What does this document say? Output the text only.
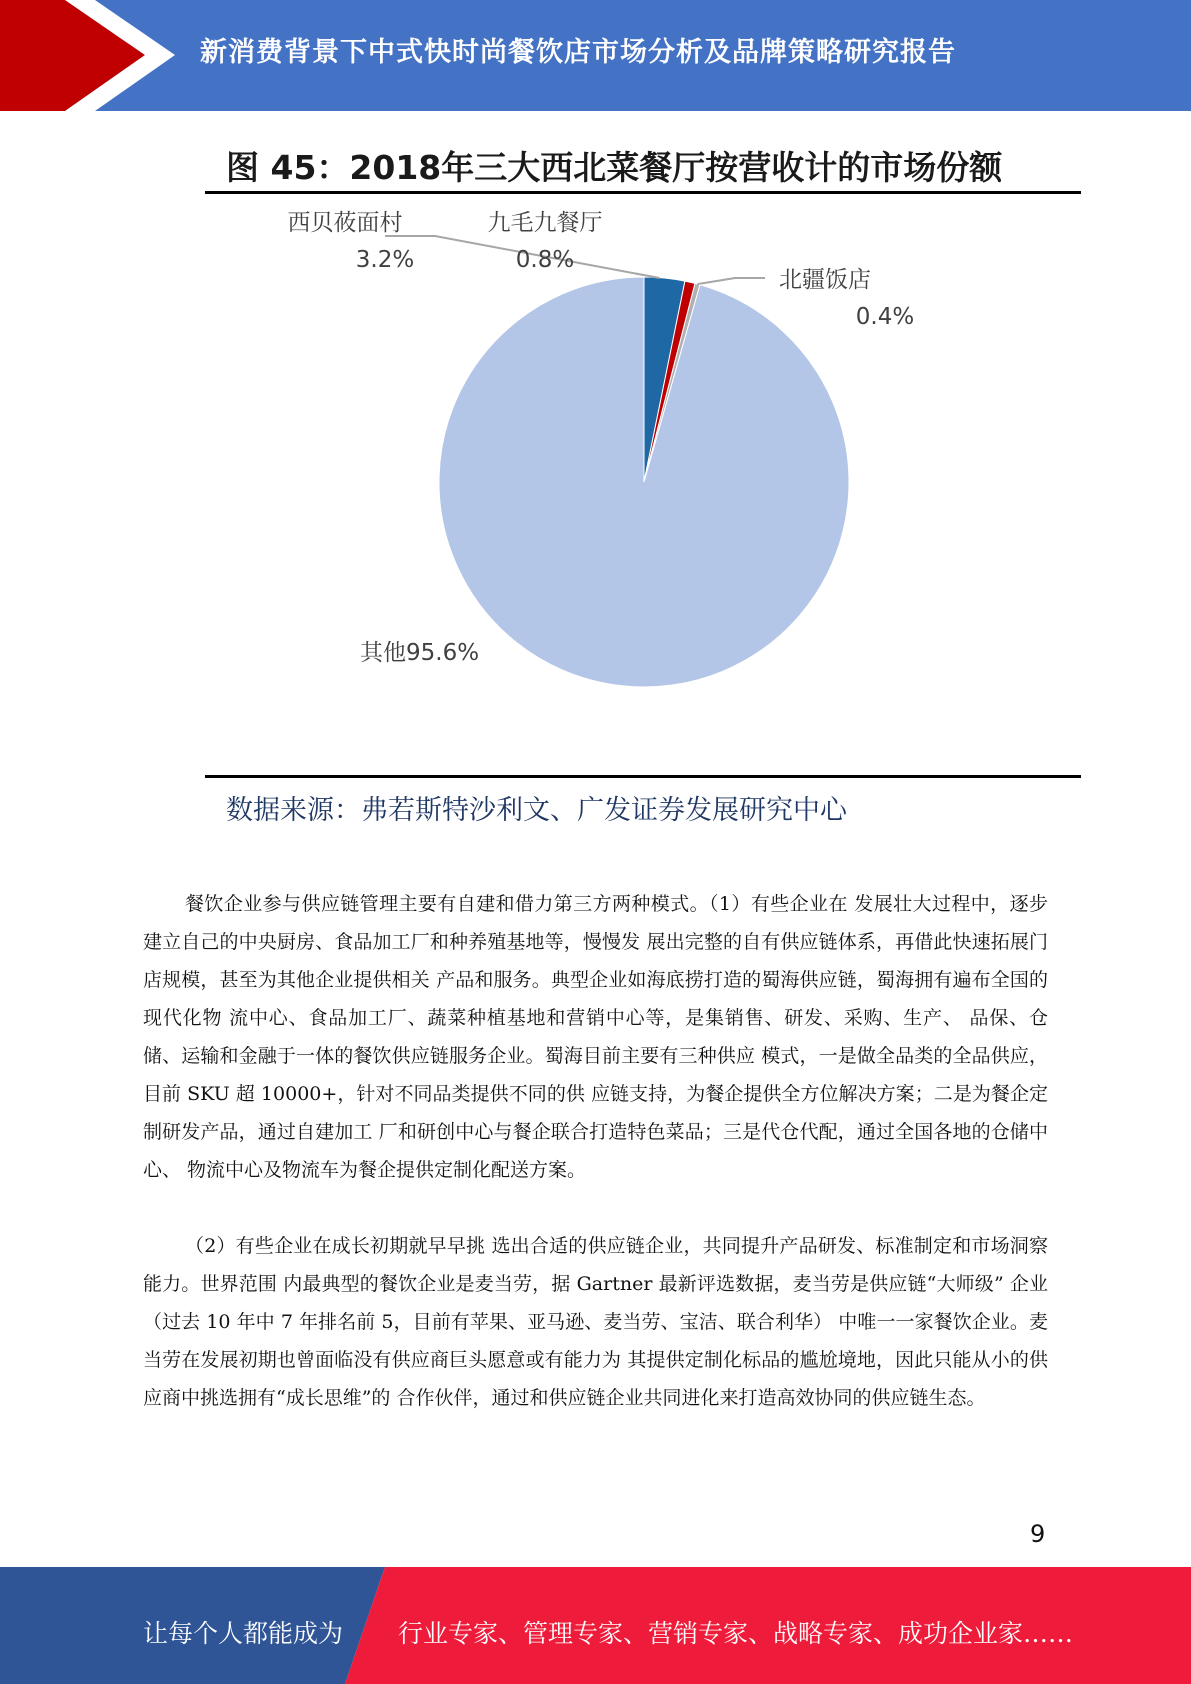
新消费背景下中式快时尚餐饮店市场分析及品牌策略研究报告
图 45：2018年三大西北菜餐厅按营收计的市场份额
西贝莜面村
3.2%
九毛九餐厅
0.8%
北疆饭店
0.4%
其他95.6%
数据来源：弗若斯特沙利文、广发证券发展研究中心

餐饮企业参与供应链管理主要有自建和借力第三方两种模式。（1）有些企业在 发展壮大过程中，逐步建立自己的中央厨房、食品加工厂和种养殖基地等，慢慢发 展出完整的自有供应链体系，再借此快速拓展门店规模，甚至为其他企业提供相关 产品和服务。典型企业如海底捞打造的蜀海供应链，蜀海拥有遍布全国的现代化物 流中心、食品加工厂、蔬菜种植基地和营销中心等，是集销售、研发、采购、生产、 品保、仓储、运输和金融于一体的餐饮供应链服务企业。蜀海目前主要有三种供应 模式，一是做全品类的全品供应，目前 SKU 超 10000+，针对不同品类提供不同的供 应链支持，为餐企提供全方位解决方案；二是为餐企定制研发产品，通过自建加工 厂和研创中心与餐企联合打造特色菜品；三是代仓代配，通过全国各地的仓储中心、 物流中心及物流车为餐企提供定制化配送方案。

（2）有些企业在成长初期就早早挑 选出合适的供应链企业，共同提升产品研发、标准制定和市场洞察能力。世界范围 内最典型的餐饮企业是麦当劳，据 Gartner 最新评选数据，麦当劳是供应链“大师级” 企业（过去 10 年中 7 年排名前 5，目前有苹果、亚马逊、麦当劳、宝洁、联合利华） 中唯一一家餐饮企业。麦当劳在发展初期也曾面临没有供应商巨头愿意或有能力为 其提供定制化标品的尴尬境地，因此只能从小的供应商中挑选拥有“成长思维”的 合作伙伴，通过和供应链企业共同进化来打造高效协同的供应链生态。

9
让每个人都能成为 行业专家、管理专家、营销专家、战略专家、成功企业家……
